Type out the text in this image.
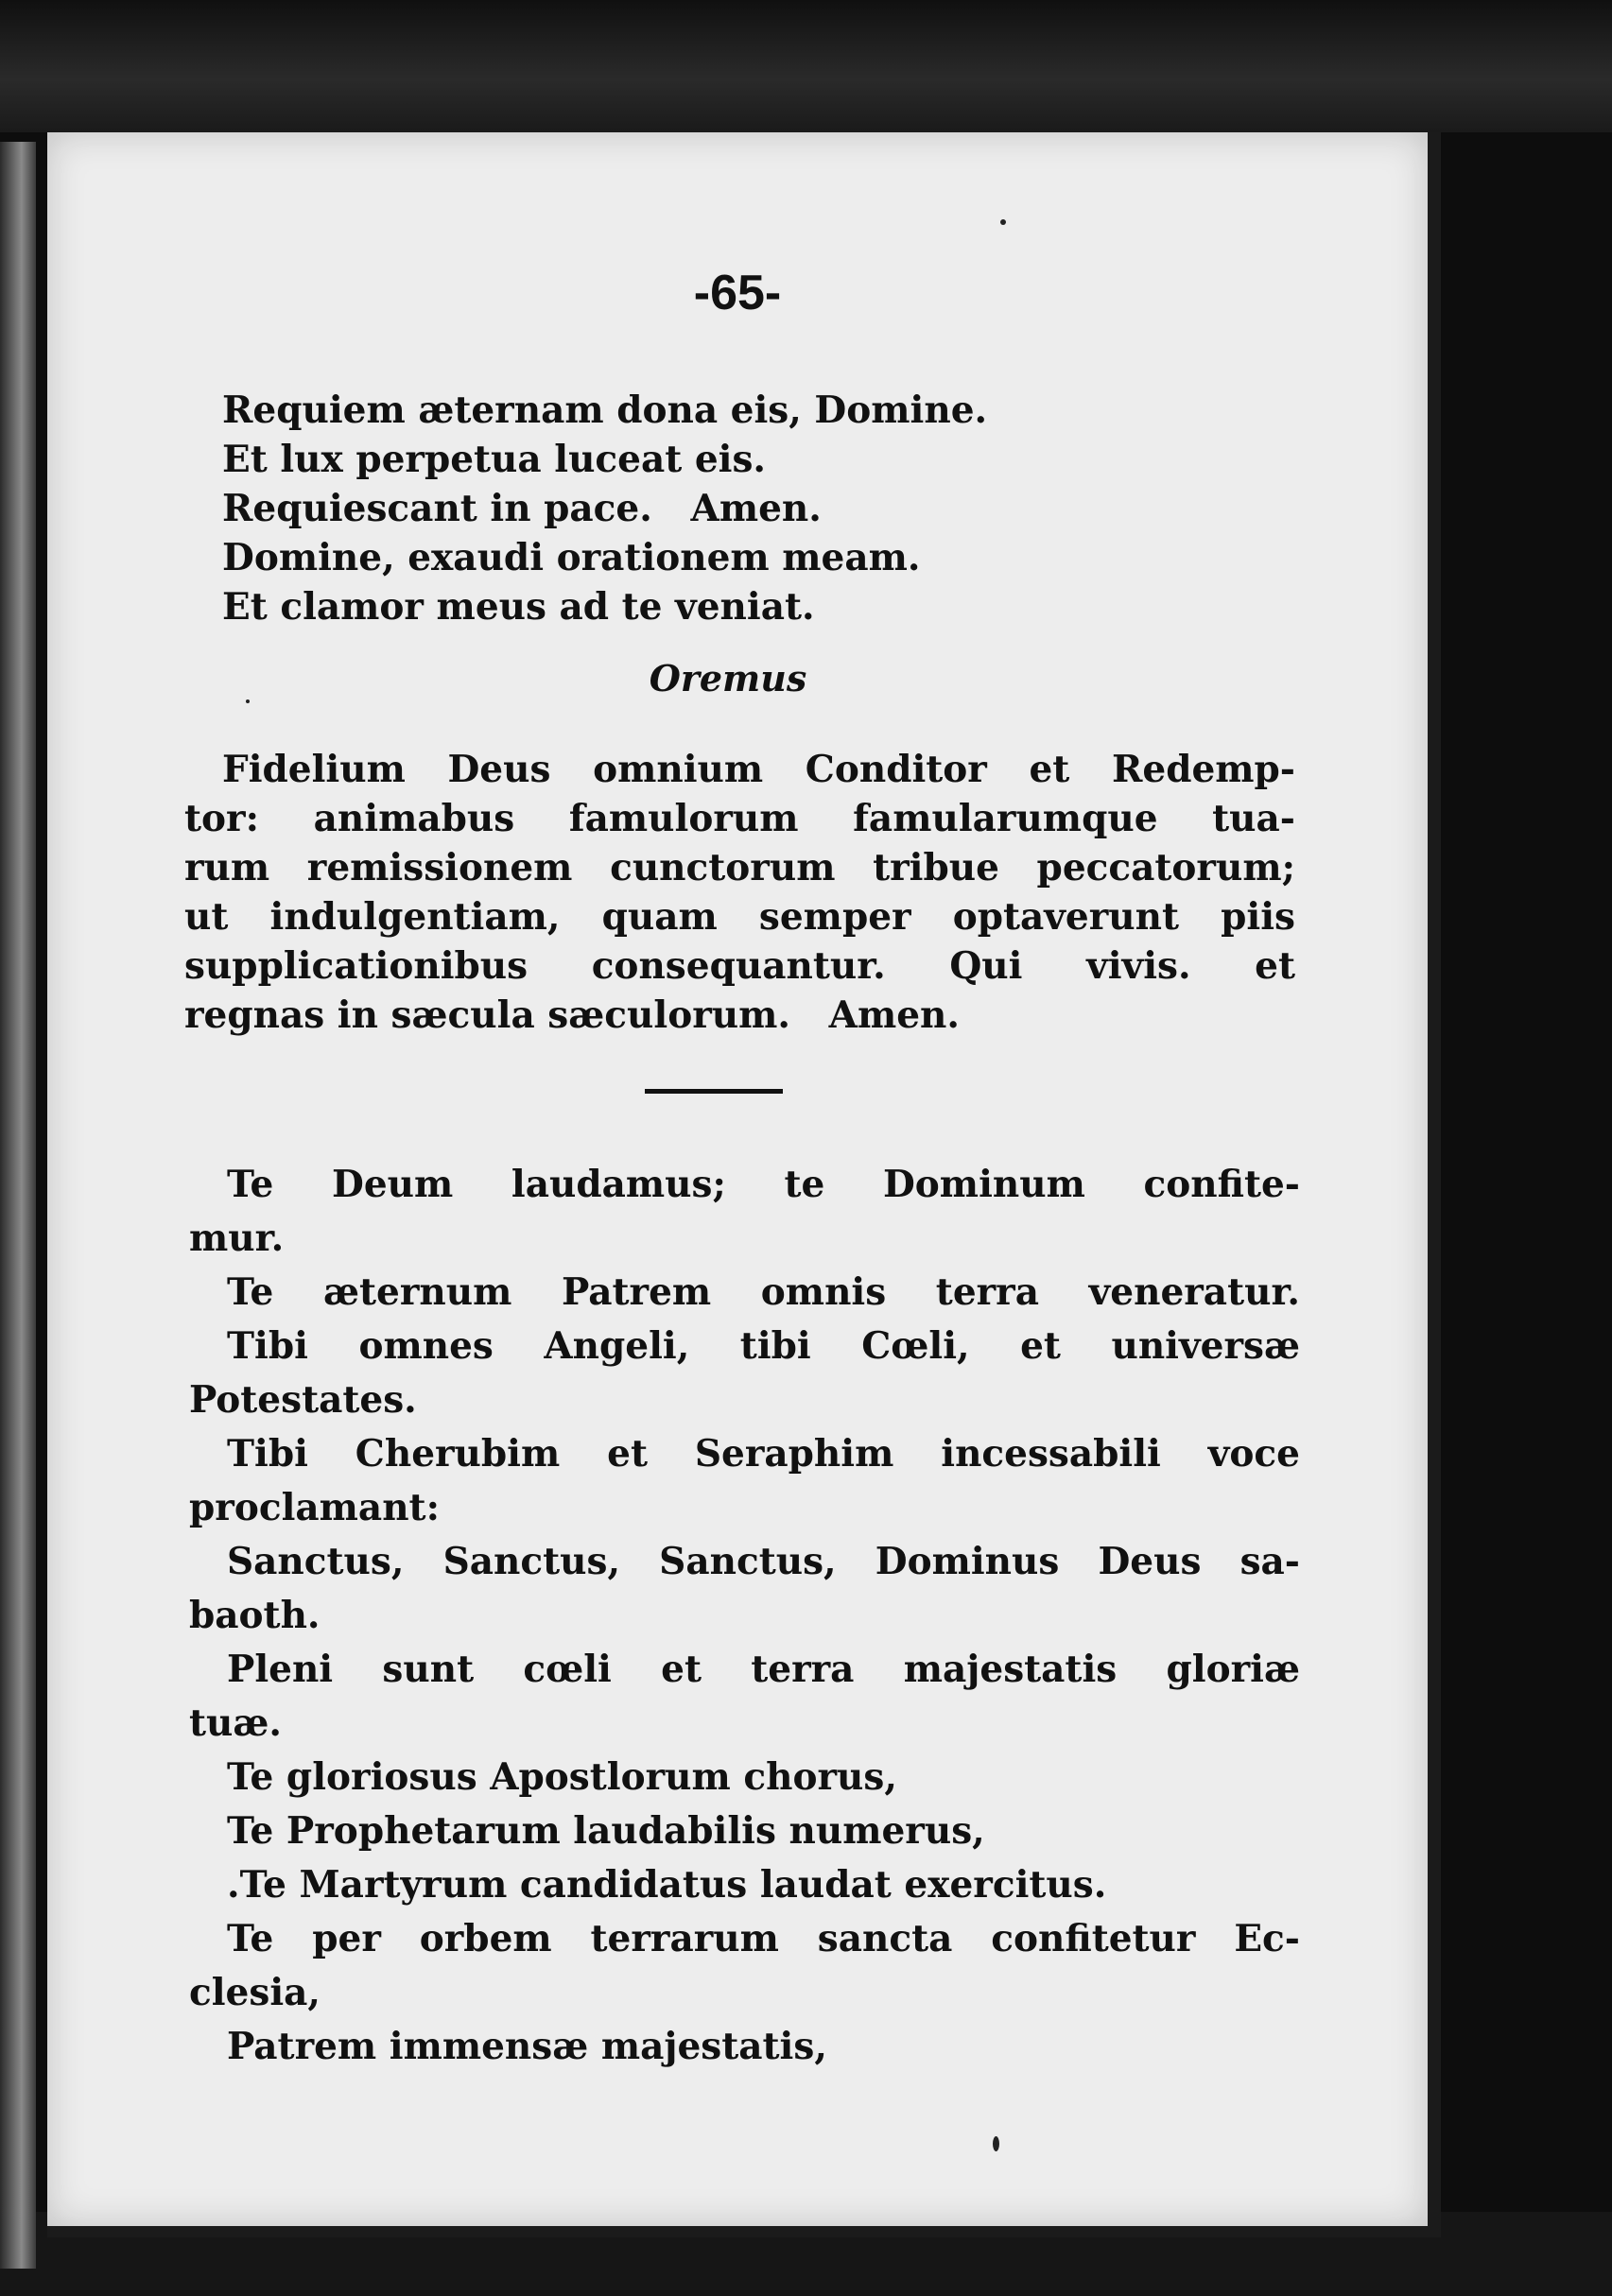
-65-
Requiem æternam dona eis, Domine.
Et lux perpetua luceat eis.
Requiescant in pace.   Amen.
Domine, exaudi orationem meam.
Et clamor meus ad te veniat.
Oremus
Fidelium Deus omnium Conditor et Redemp-
tor: animabus famulorum famularumque tua-
rum remissionem cunctorum tribue peccatorum;
ut indulgentiam, quam semper optaverunt piis
supplicationibus consequantur. Qui vivis. et
regnas in sæcula sæculorum.   Amen.
Te Deum laudamus; te Dominum confite-
mur.
Te æternum Patrem omnis terra veneratur.
Tibi omnes Angeli, tibi Cœli, et universæ
Potestates.
Tibi Cherubim et Seraphim incessabili voce
proclamant:
Sanctus, Sanctus, Sanctus, Dominus Deus sa-
baoth.
Pleni sunt cœli et terra majestatis gloriæ
tuæ.
Te gloriosus Apostlorum chorus,
Te Prophetarum laudabilis numerus,
.Te Martyrum candidatus laudat exercitus.
Te per orbem terrarum sancta confitetur Ec-
clesia,
Patrem immensæ majestatis,
